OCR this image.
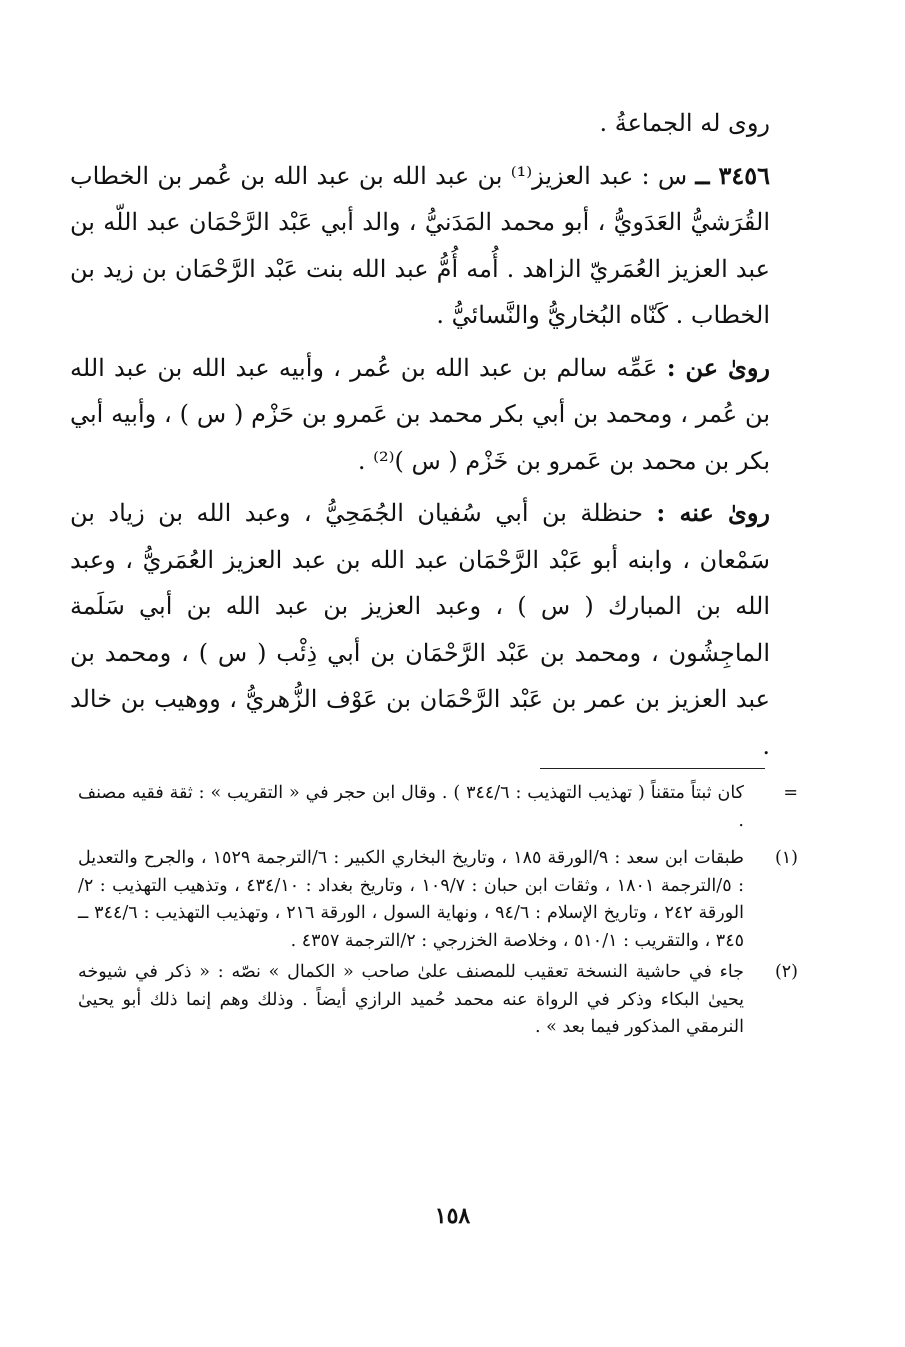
روى له الجماعةُ .

٣٤٥٦ ــ س : عبد العزيز⁽¹⁾ بن عبد الله بن عبد الله بن عُمر بن الخطاب القُرَشيُّ العَدَويُّ ، أبو محمد المَدَنيُّ ، والد أبي عَبْد الرَّحْمَان عبد اللّه بن عبد العزيز العُمَريّ الزاهد . أُمه أُمُّ عبد الله بنت عَبْد الرَّحْمَان بن زيد بن الخطاب . كَنّاه البُخاريُّ والنَّسائيُّ .

روىٰ عن : عَمِّه سالم بن عبد الله بن عُمر ، وأبيه عبد الله بن عبد الله بن عُمر ، ومحمد بن أبي بكر محمد بن عَمرو بن حَزْم ( س ) ، وأبيه أبي بكر بن محمد بن عَمرو بن خَزْم ( س )⁽²⁾ .

روىٰ عنه : حنظلة بن أبي سُفيان الجُمَحِيُّ ، وعبد الله بن زياد بن سَمْعان ، وابنه أبو عَبْد الرَّحْمَان عبد الله بن عبد العزيز العُمَريُّ ، وعبد الله بن المبارك ( س ) ، وعبد العزيز بن عبد الله بن أبي سَلَمة الماجِشُون ، ومحمد بن عَبْد الرَّحْمَان بن أبي ذِئْب ( س ) ، ومحمد بن عبد العزيز بن عمر بن عَبْد الرَّحْمَان بن عَوْف الزُّهريُّ ، ووهيب بن خالد .

=
كان ثبتاً متقناً ( تهذيب التهذيب : ٣٤٤/٦ ) . وقال ابن حجر في « التقريب » : ثقة فقيه مصنف .
(١)
طبقات ابن سعد : ٩/الورقة ١٨٥ ، وتاريخ البخاري الكبير : ٦/الترجمة ١٥٢٩ ، والجرح والتعديل : ٥/الترجمة ١٨٠١ ، وثقات ابن حبان : ١٠٩/٧ ، وتاريخ بغداد : ٤٣٤/١٠ ، وتذهيب التهذيب : ٢/الورقة ٢٤٢ ، وتاريخ الإسلام : ٩٤/٦ ، ونهاية السول ، الورقة ٢١٦ ، وتهذيب التهذيب : ٣٤٤/٦ ــ ٣٤٥ ، والتقريب : ٥١٠/١ ، وخلاصة الخزرجي : ٢/الترجمة ٤٣٥٧ .
(٢)
جاء في حاشية النسخة تعقيب للمصنف علىٰ صاحب « الكمال » نصّه : « ذكر في شيوخه يحيىٰ البكاء وذكر في الرواة عنه محمد حُميد الرازي أيضاً . وذلك وهم إنما ذلك أبو يحيىٰ النرمقي المذكور فيما بعد » .
١٥٨
